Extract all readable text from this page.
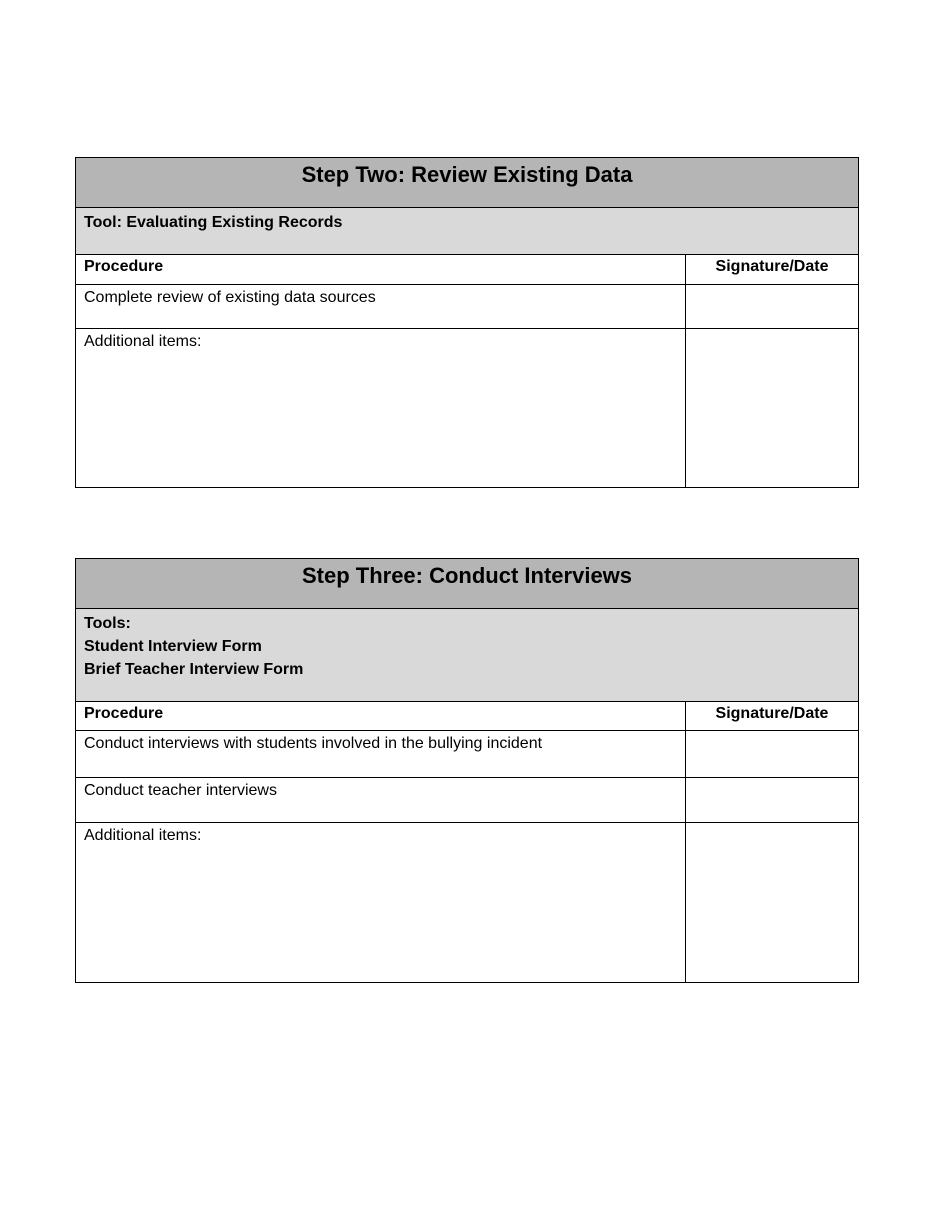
Step Two: Review Existing Data	

Tool: Evaluating Existing Records	

Procedure	Signature/Date

Complete review of existing data sources	

Additional items:	

Step Three: Conduct Interviews	

Tools:
Student Interview Form
Brief Teacher Interview Form	

Procedure	Signature/Date

Conduct interviews with students involved in the bullying incident	

Conduct teacher interviews	

Additional items:	
